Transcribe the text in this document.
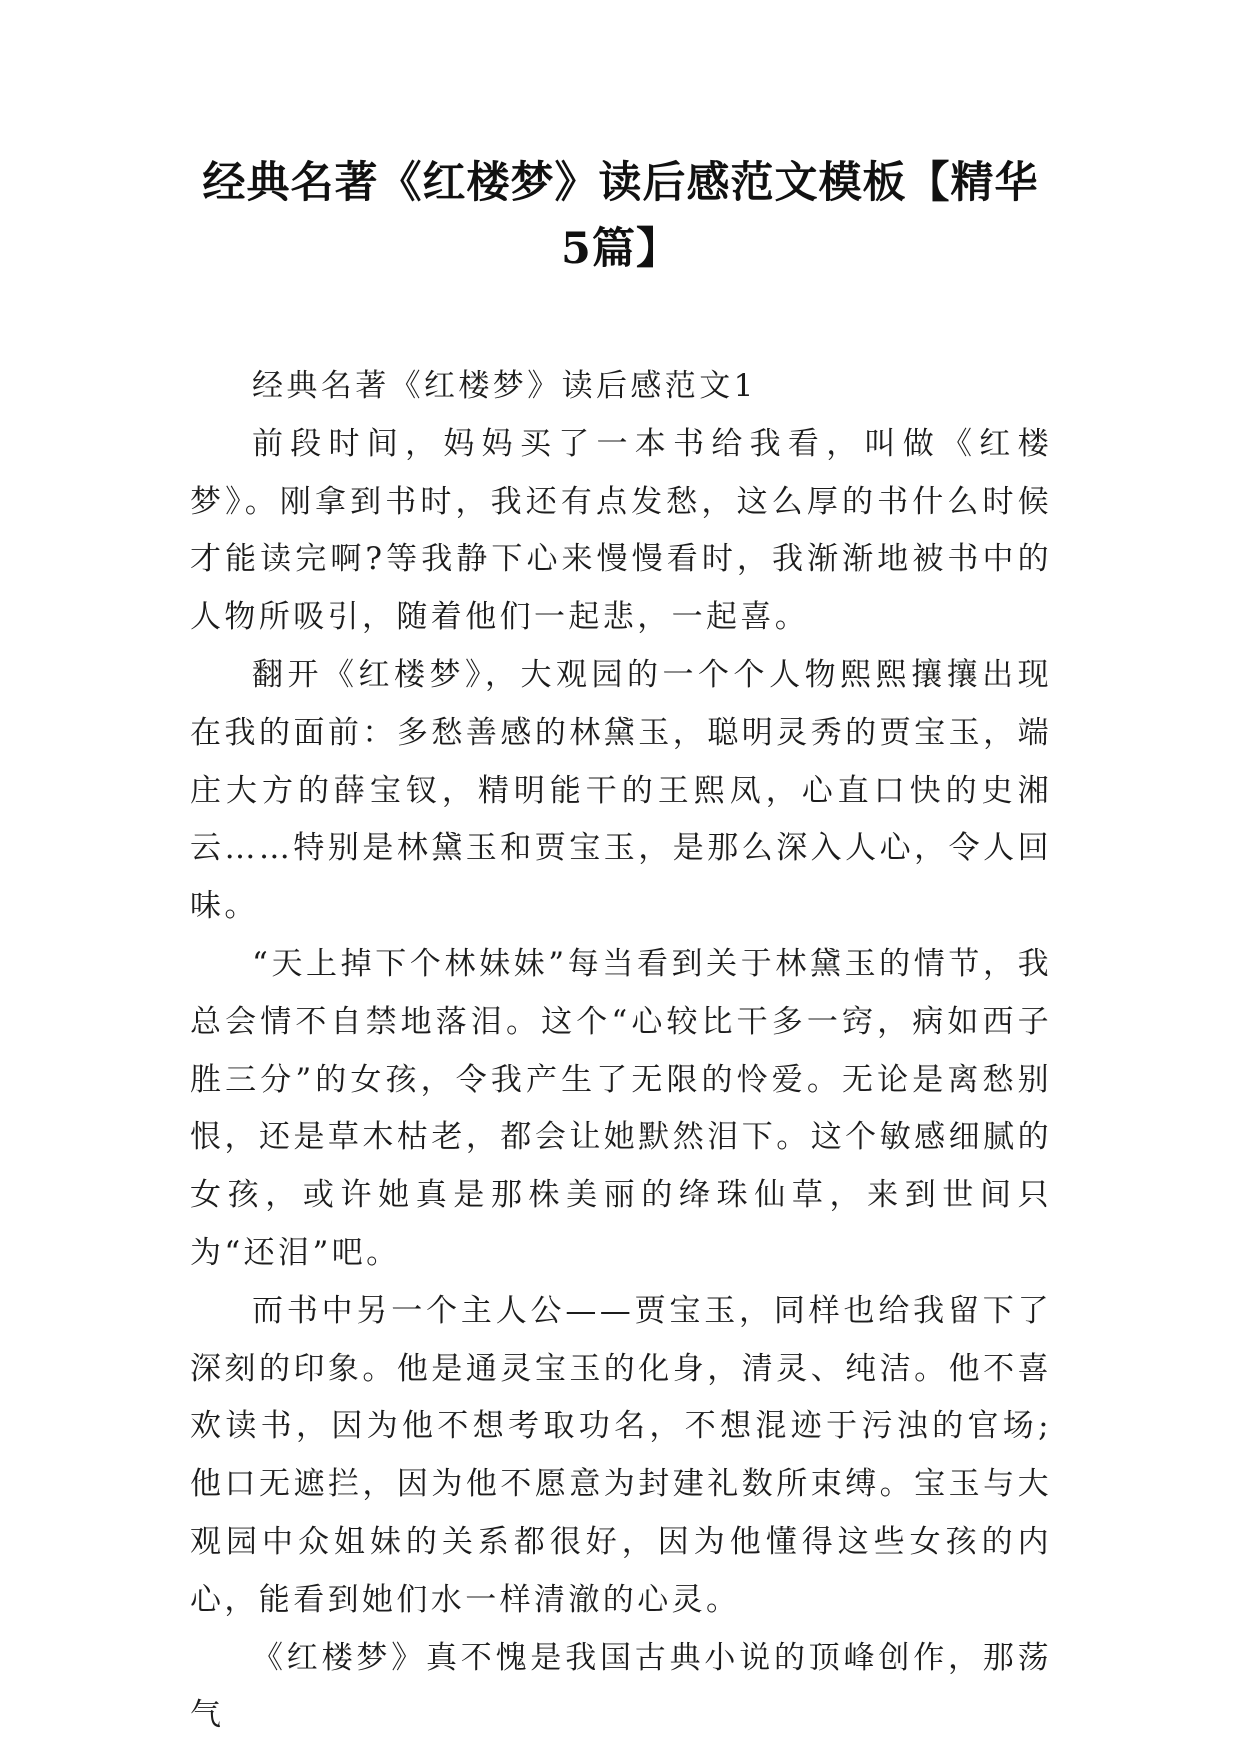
经典名著《红楼梦》读后感范文模板【精华
5篇】

经典名著《红楼梦》读后感范文1

前段时间，妈妈买了一本书给我看，叫做《红楼梦》。刚拿到书时，我还有点发愁，这么厚的书什么时候才能读完啊?等我静下心来慢慢看时，我渐渐地被书中的人物所吸引，随着他们一起悲，一起喜。

翻开《红楼梦》，大观园的一个个人物熙熙攘攘出现在我的面前：多愁善感的林黛玉，聪明灵秀的贾宝玉，端庄大方的薛宝钗，精明能干的王熙凤，心直口快的史湘云……特别是林黛玉和贾宝玉，是那么深入人心，令人回味。

“天上掉下个林妹妹”每当看到关于林黛玉的情节，我总会情不自禁地落泪。这个“心较比干多一窍，病如西子胜三分”的女孩，令我产生了无限的怜爱。无论是离愁别恨，还是草木枯老，都会让她默然泪下。这个敏感细腻的女孩，或许她真是那株美丽的绛珠仙草，来到世间只为“还泪”吧。

而书中另一个主人公——贾宝玉，同样也给我留下了深刻的印象。他是通灵宝玉的化身，清灵、纯洁。他不喜欢读书，因为他不想考取功名，不想混迹于污浊的官场;他口无遮拦，因为他不愿意为封建礼数所束缚。宝玉与大观园中众姐妹的关系都很好，因为他懂得这些女孩的内心，能看到她们水一样清澈的心灵。

《红楼梦》真不愧是我国古典小说的顶峰创作，那荡气
